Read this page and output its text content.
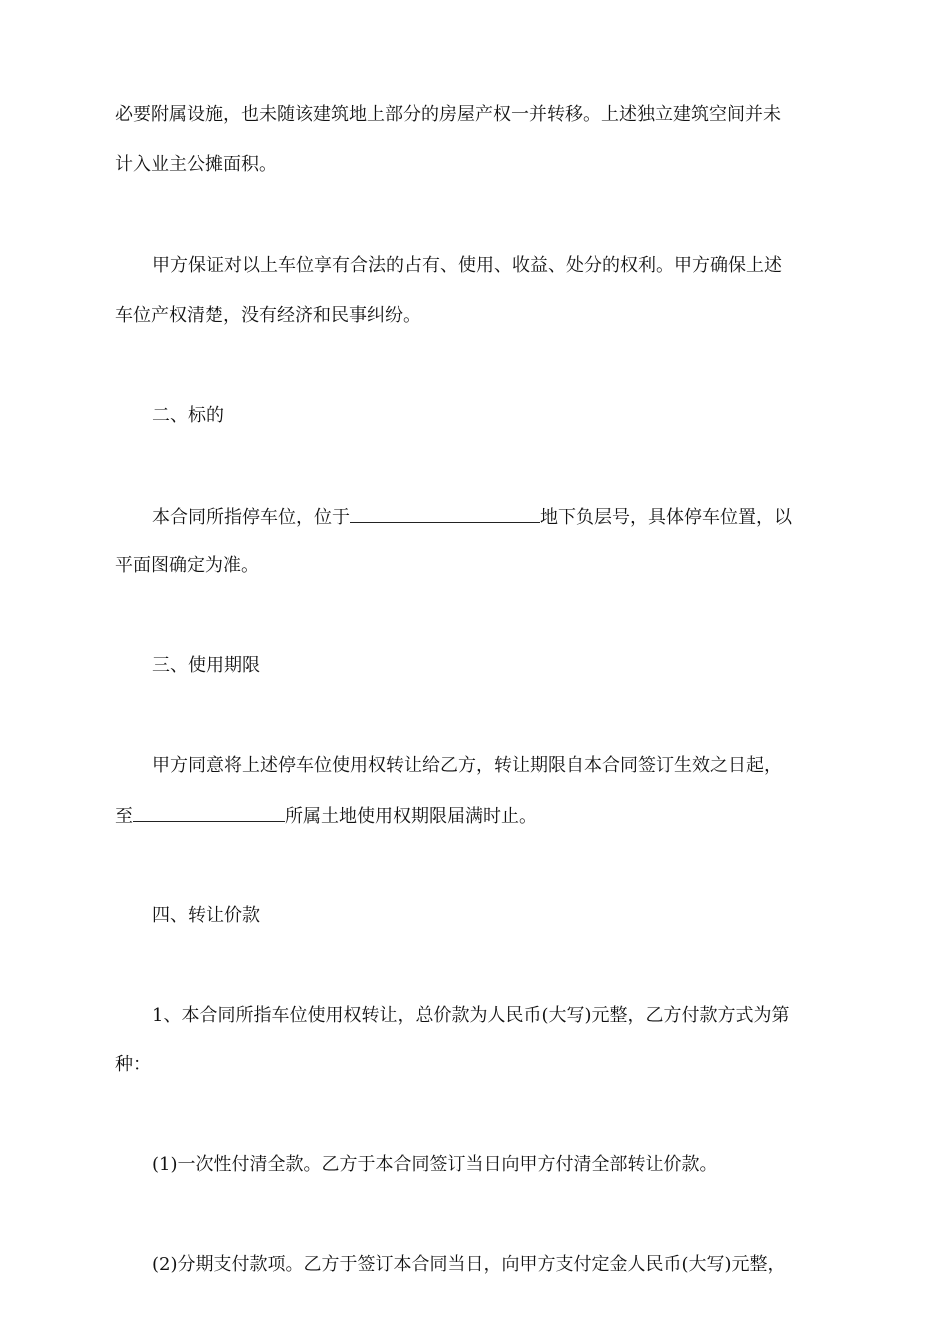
必要附属设施，也未随该建筑地上部分的房屋产权一并转移。上述独立建筑空间并未
计入业主公摊面积。
甲方保证对以上车位享有合法的占有、使用、收益、处分的权利。甲方确保上述
车位产权清楚，没有经济和民事纠纷。
二、标的
本合同所指停车位，位于	地下负层号，具体停车位置，以
平面图确定为准。
三、使用期限
甲方同意将上述停车位使用权转让给乙方，转让期限自本合同签订生效之日起，
至	所属土地使用权期限届满时止。
四、转让价款
1、本合同所指车位使用权转让，总价款为人民币(大写)元整，乙方付款方式为第
种：
(1)一次性付清全款。乙方于本合同签订当日向甲方付清全部转让价款。
(2)分期支付款项。乙方于签订本合同当日，向甲方支付定金人民币(大写)元整，
